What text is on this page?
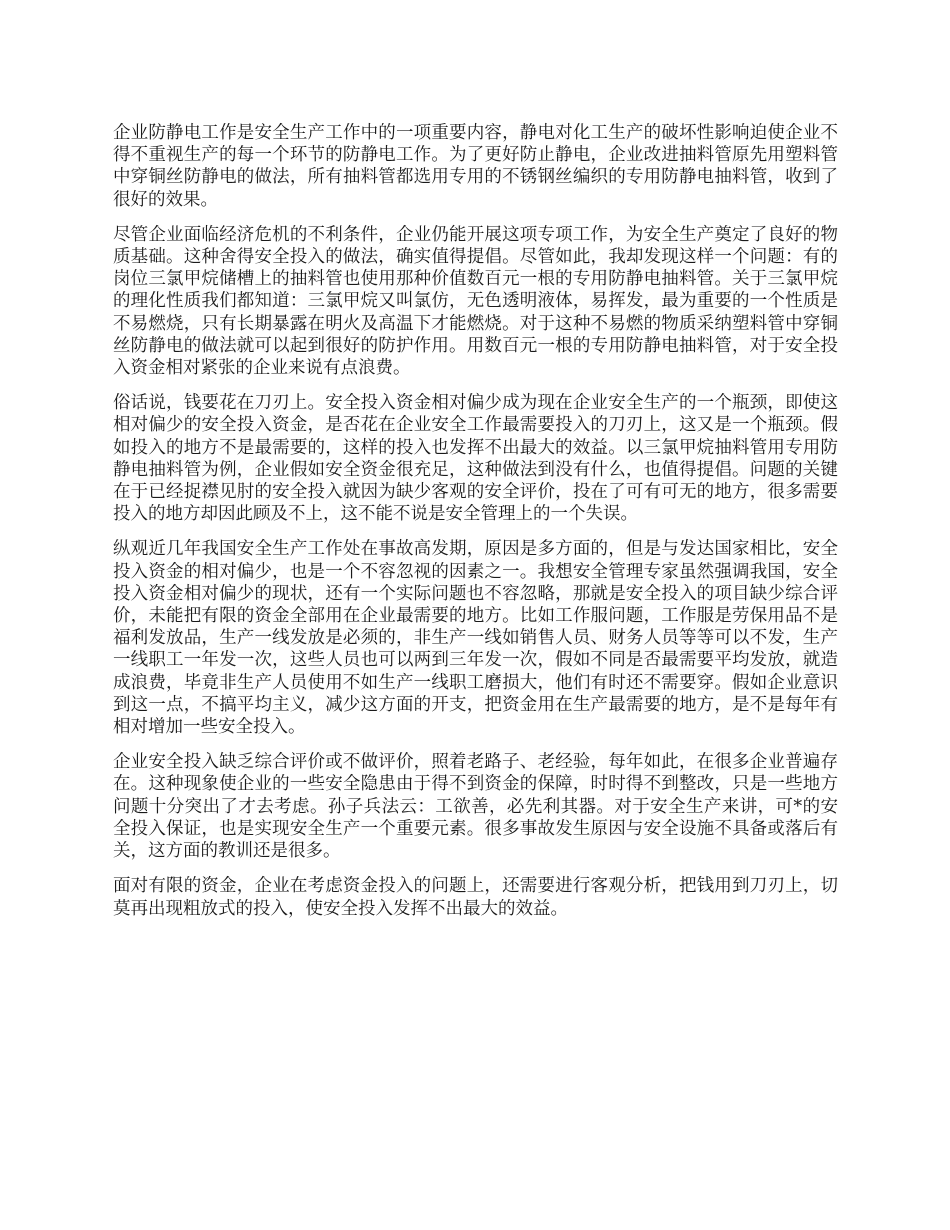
企业防静电工作是安全生产工作中的一项重要内容，静电对化工生产的破坏性影响迫使企业不得不重视生产的每一个环节的防静电工作。为了更好防止静电，企业改进抽料管原先用塑料管中穿铜丝防静电的做法，所有抽料管都选用专用的不锈钢丝编织的专用防静电抽料管，收到了很好的效果。

尽管企业面临经济危机的不利条件，企业仍能开展这项专项工作，为安全生产奠定了良好的物质基础。这种舍得安全投入的做法，确实值得提倡。尽管如此，我却发现这样一个问题：有的岗位三氯甲烷储槽上的抽料管也使用那种价值数百元一根的专用防静电抽料管。关于三氯甲烷的理化性质我们都知道：三氯甲烷又叫氯仿，无色透明液体，易挥发，最为重要的一个性质是不易燃烧，只有长期暴露在明火及高温下才能燃烧。对于这种不易燃的物质采纳塑料管中穿铜丝防静电的做法就可以起到很好的防护作用。用数百元一根的专用防静电抽料管，对于安全投入资金相对紧张的企业来说有点浪费。

俗话说，钱要花在刀刃上。安全投入资金相对偏少成为现在企业安全生产的一个瓶颈，即使这相对偏少的安全投入资金，是否花在企业安全工作最需要投入的刀刃上，这又是一个瓶颈。假如投入的地方不是最需要的，这样的投入也发挥不出最大的效益。以三氯甲烷抽料管用专用防静电抽料管为例，企业假如安全资金很充足，这种做法到没有什么，也值得提倡。问题的关键在于已经捉襟见肘的安全投入就因为缺少客观的安全评价，投在了可有可无的地方，很多需要投入的地方却因此顾及不上，这不能不说是安全管理上的一个失误。

纵观近几年我国安全生产工作处在事故高发期，原因是多方面的，但是与发达国家相比，安全投入资金的相对偏少，也是一个不容忽视的因素之一。我想安全管理专家虽然强调我国，安全投入资金相对偏少的现状，还有一个实际问题也不容忽略，那就是安全投入的项目缺少综合评价，未能把有限的资金全部用在企业最需要的地方。比如工作服问题，工作服是劳保用品不是福利发放品，生产一线发放是必须的，非生产一线如销售人员、财务人员等等可以不发，生产一线职工一年发一次，这些人员也可以两到三年发一次，假如不同是否最需要平均发放，就造成浪费，毕竟非生产人员使用不如生产一线职工磨损大，他们有时还不需要穿。假如企业意识到这一点，不搞平均主义，减少这方面的开支，把资金用在生产最需要的地方，是不是每年有相对增加一些安全投入。

企业安全投入缺乏综合评价或不做评价，照着老路子、老经验，每年如此，在很多企业普遍存在。这种现象使企业的一些安全隐患由于得不到资金的保障，时时得不到整改，只是一些地方问题十分突出了才去考虑。孙子兵法云：工欲善，必先利其器。对于安全生产来讲，可*的安全投入保证，也是实现安全生产一个重要元素。很多事故发生原因与安全设施不具备或落后有关，这方面的教训还是很多。

面对有限的资金，企业在考虑资金投入的问题上，还需要进行客观分析，把钱用到刀刃上，切莫再出现粗放式的投入，使安全投入发挥不出最大的效益。
